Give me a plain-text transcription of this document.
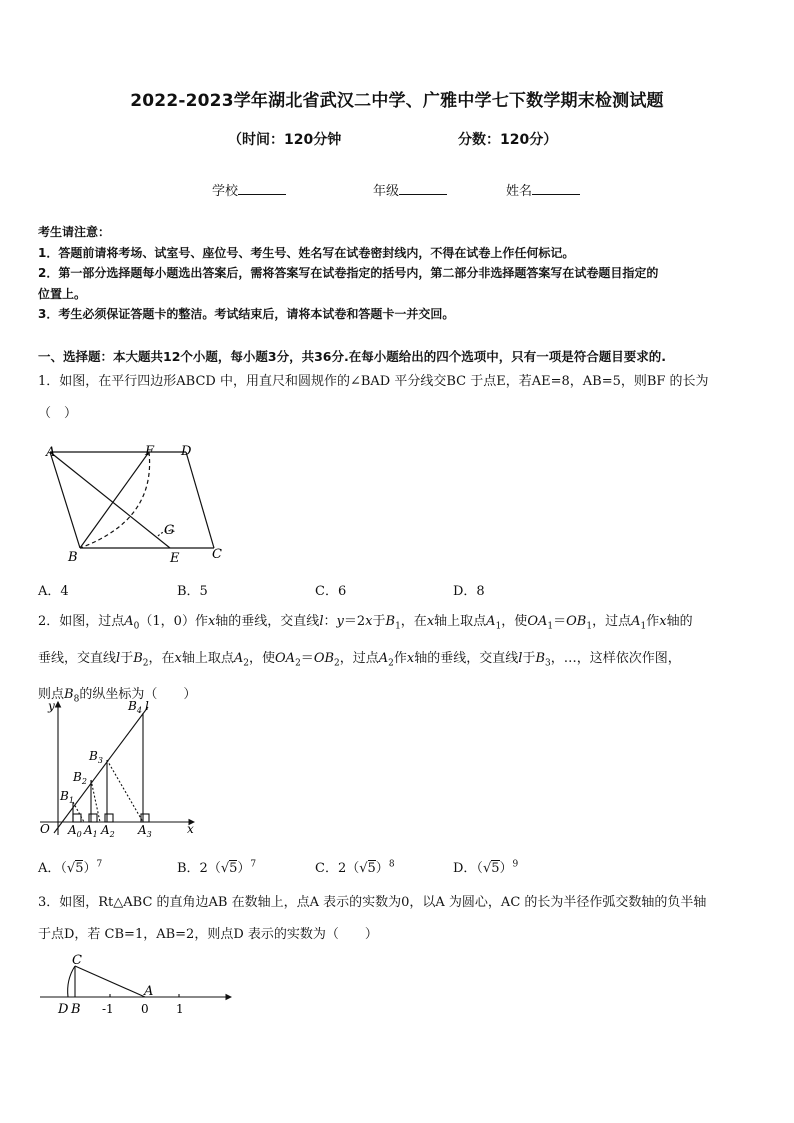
2022-2023学年湖北省武汉二中学、广雅中学七下数学期末检测试题
（时间：120分钟	分数：120分）
学校	年级	姓名

考生请注意：

1．答题前请将考场、试室号、座位号、考生号、姓名写在试卷密封线内，不得在试卷上作任何标记。

2．第一部分选择题每小题选出答案后，需将答案写在试卷指定的括号内，第二部分非选择题答案写在试卷题目指定的

位置上。

3．考生必须保证答题卡的整洁。考试结束后，请将本试卷和答题卡一并交回。

一、选择题：本大题共12个小题，每小题3分，共36分.在每小题给出的四个选项中，只有一项是符合题目要求的.

1．如图，在平行四边形ABCD 中，用直尺和圆规作的∠BAD 平分线交BC 于点E，若AE=8，AB=5，则BF 的长为

（　）

A	F D
G
B	E	C
A．4	B．5	C．6	D．8

2．如图，过点$A_0(1$，0）作x轴的垂线，交直线l：y＝2x于$B_1$，在x轴上取点$A_1$，使$OA_1=OB_1$，过点$A_1$作x轴的

垂线，交直线l于$B_2$，在x轴上取点$A_2$，使$OA_2=OB_2$，过点$A_2$作x轴的垂线，交直线l于$B_3$，…，这样依次作图，

则点$B_8$的纵坐标为（　　）

y
x
O
l
$B_4$
$B_3$
$B_2$
$B_1$
$A_0$ $A_1$ $A_2$ $A_3$
A．$(√5)^7$	B．$2(√5)^7$	C．$2(√5)^8$	D．$(√5)^9$

3．如图，Rt△ABC 的直角边AB 在数轴上，点A 表示的实数为0，以A 为圆心，AC 的长为半径作弧交数轴的负半轴

于点D，若 CB=1，AB=2，则点D 表示的实数为（　　）

C
A
D B -1 0 1
